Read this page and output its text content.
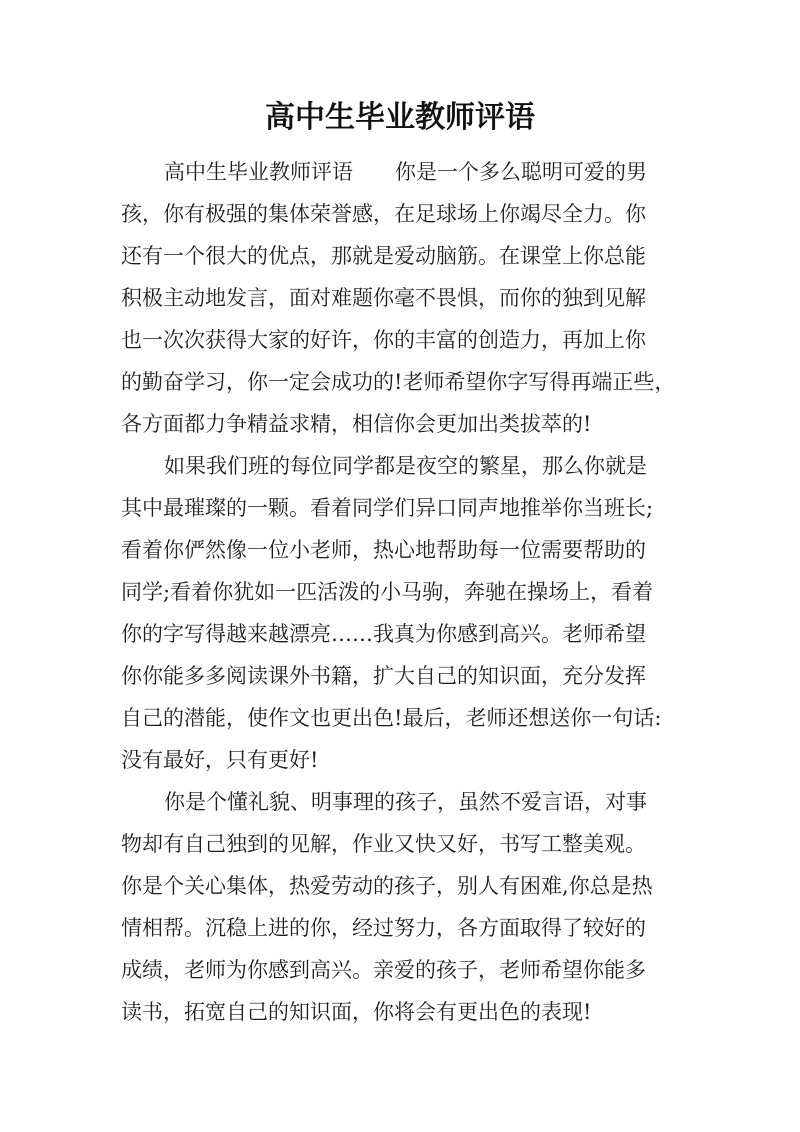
高中生毕业教师评语
高中生毕业教师评语　　你是一个多么聪明可爱的男
孩，你有极强的集体荣誉感，在足球场上你竭尽全力。你
还有一个很大的优点，那就是爱动脑筋。在课堂上你总能
积极主动地发言，面对难题你毫不畏惧，而你的独到见解
也一次次获得大家的好许，你的丰富的创造力，再加上你
的勤奋学习，你一定会成功的!老师希望你字写得再端正些，
各方面都力争精益求精，相信你会更加出类拔萃的!
如果我们班的每位同学都是夜空的繁星，那么你就是
其中最璀璨的一颗。看着同学们异口同声地推举你当班长;
看着你俨然像一位小老师，热心地帮助每一位需要帮助的
同学;看着你犹如一匹活泼的小马驹，奔驰在操场上，看着
你的字写得越来越漂亮……我真为你感到高兴。老师希望
你你能多多阅读课外书籍，扩大自己的知识面，充分发挥
自己的潜能，使作文也更出色!最后，老师还想送你一句话:
没有最好，只有更好!
你是个懂礼貌、明事理的孩子，虽然不爱言语，对事
物却有自己独到的见解，作业又快又好，书写工整美观。
你是个关心集体，热爱劳动的孩子，别人有困难,你总是热
情相帮。沉稳上进的你，经过努力，各方面取得了较好的
成绩，老师为你感到高兴。亲爱的孩子，老师希望你能多
读书，拓宽自己的知识面，你将会有更出色的表现!
